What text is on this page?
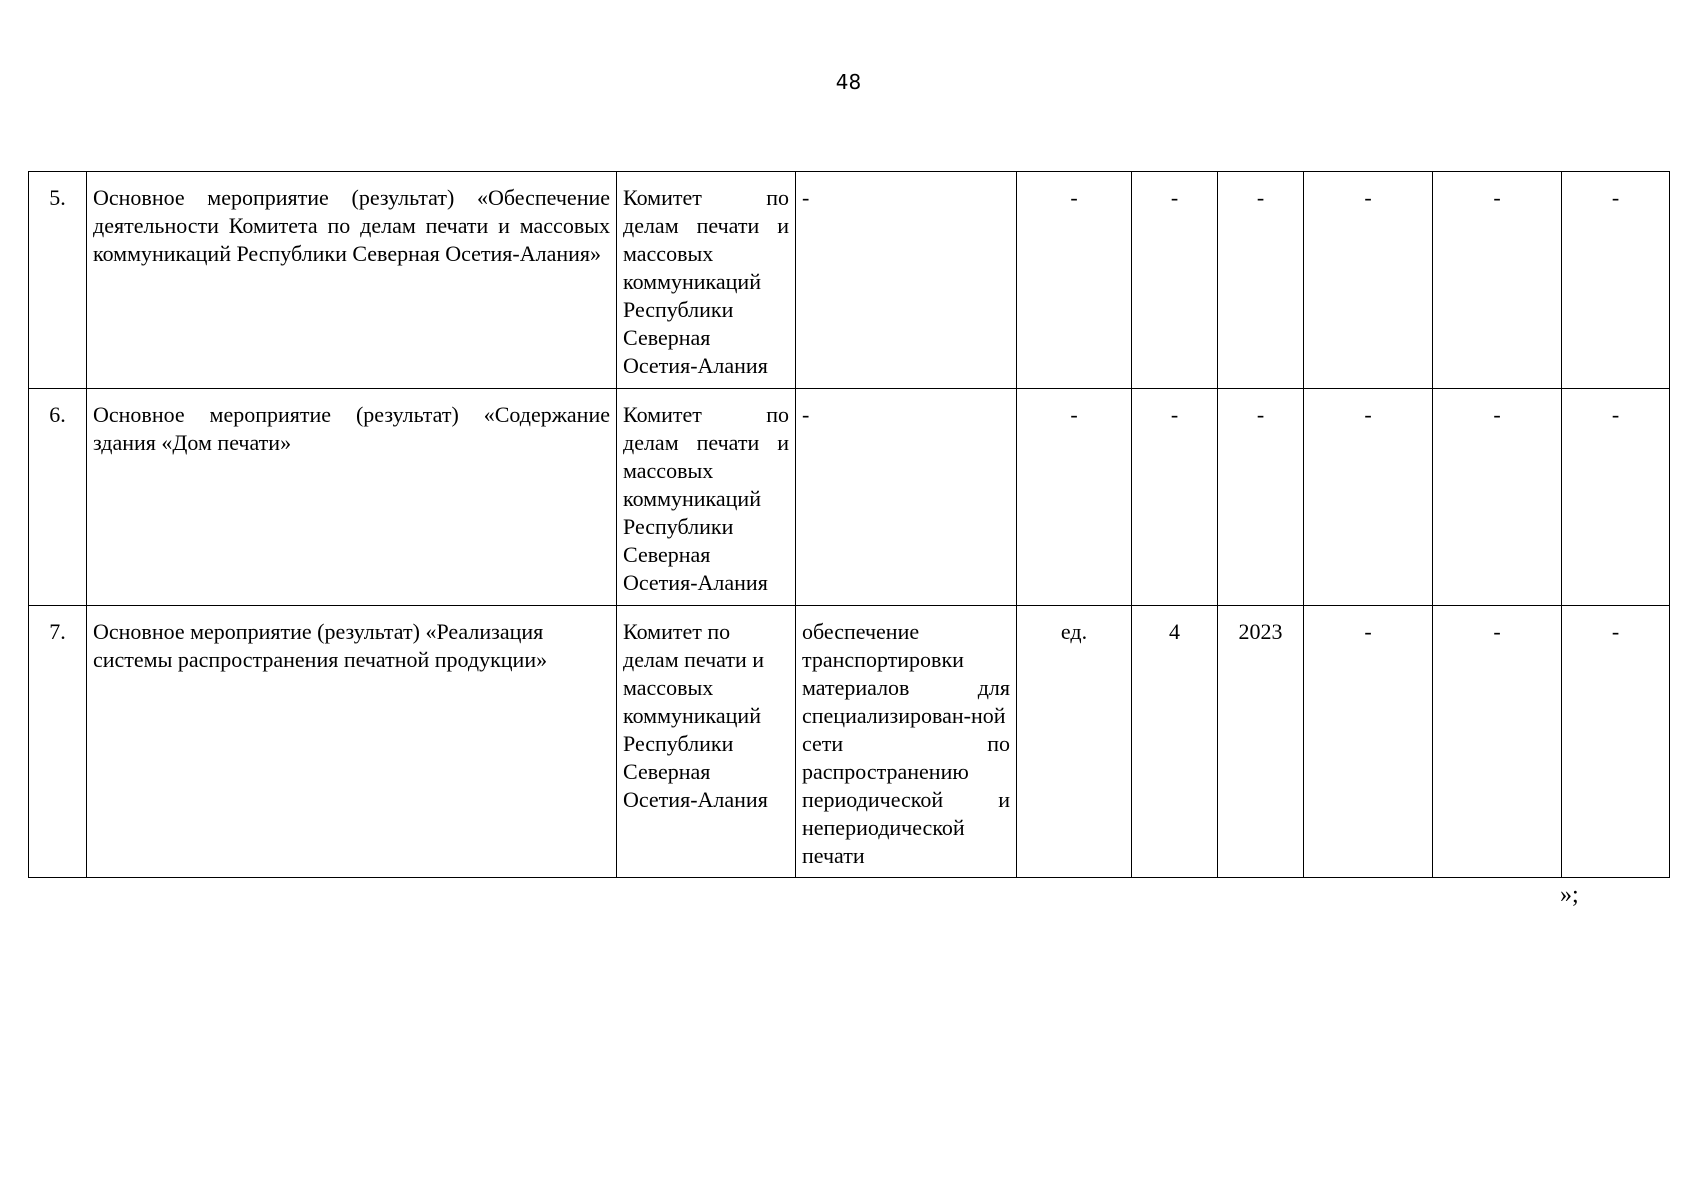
48
5.	Основное мероприятие (результат) «Обеспечение деятельности Комитета по делам печати и массовых коммуникаций Республики Северная Осетия-Алания»	Комитет по делам печати и массовых коммуникаций Республики Северная Осетия-Алания	-	-	-	-	-	-	-
6.	Основное мероприятие (результат) «Содержание здания «Дом печати»	Комитет по делам печати и массовых коммуникаций Республики Северная Осетия-Алания	-	-	-	-	-	-	-
7.	Основное мероприятие (результат) «Реализация системы распространения печатной продукции»	Комитет по делам печати и массовых коммуникаций Республики Северная Осетия-Алания	обеспечение транспортировки материалов для специализирован-ной сети по распространению периодической и непериодической печати	ед.	4	2023	-	-	-
»;
